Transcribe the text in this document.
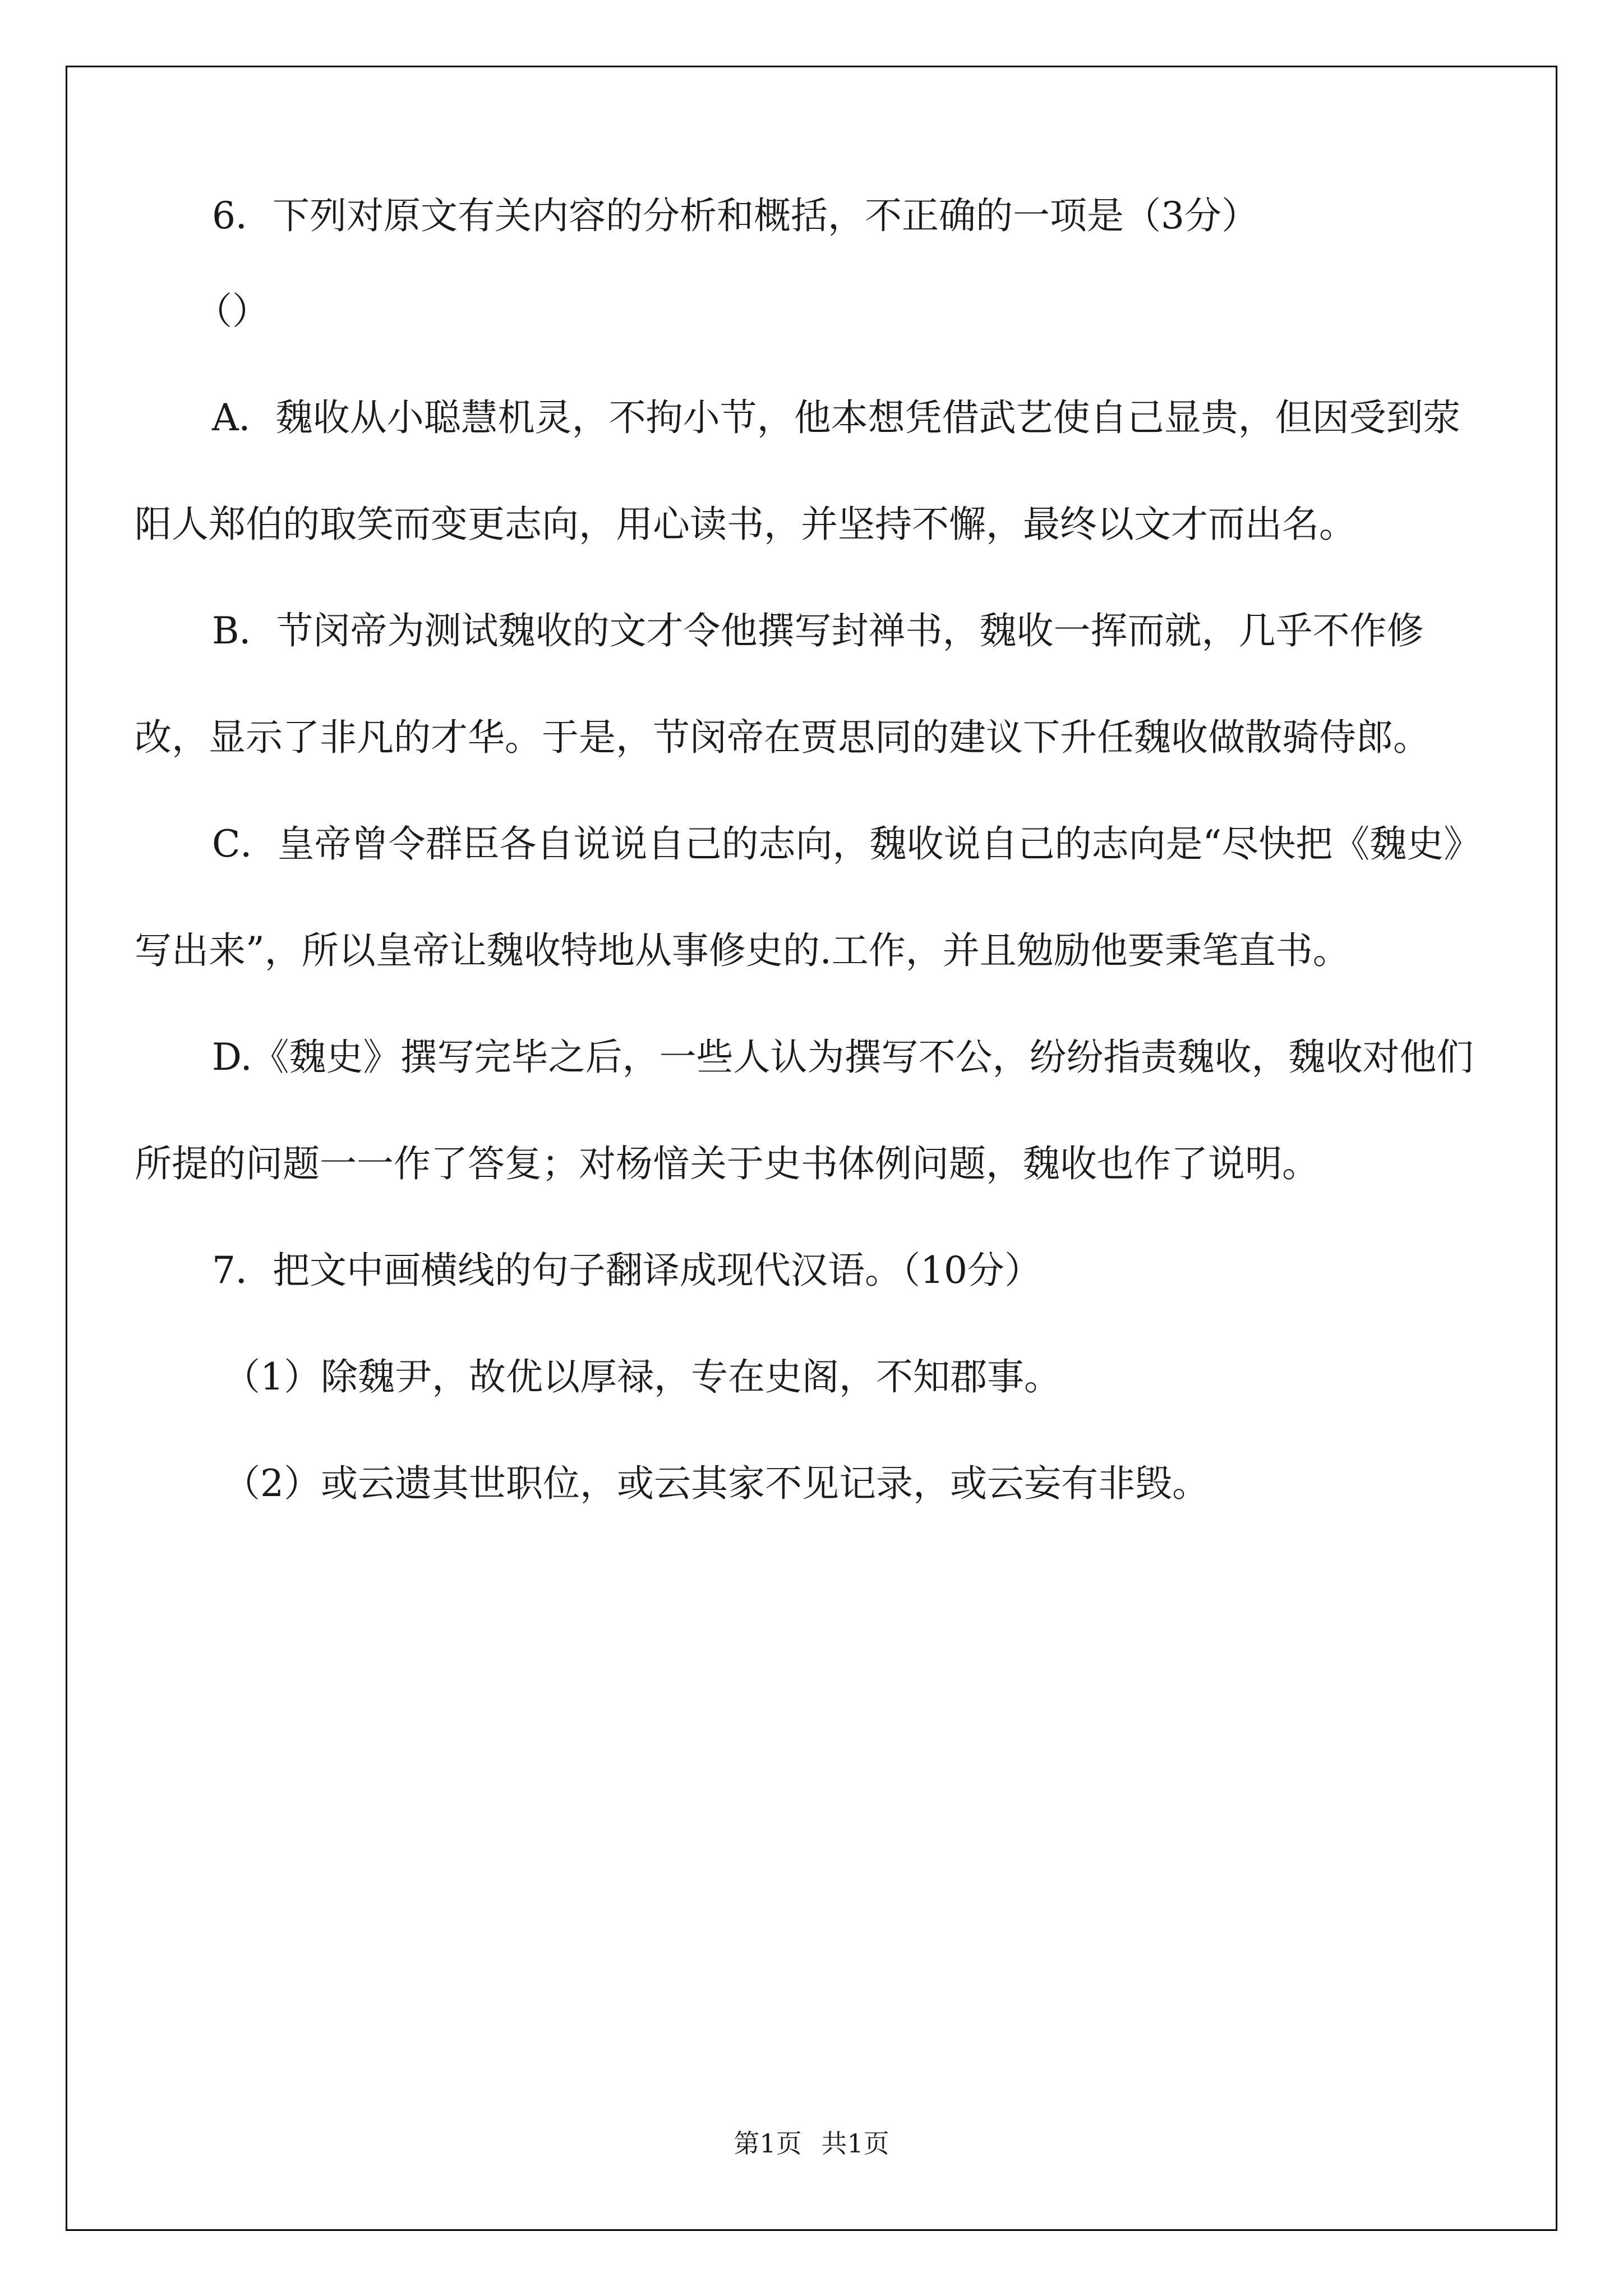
6．下列对原文有关内容的分析和概括，不正确的一项是（3分）

（）

A．魏收从小聪慧机灵，不拘小节，他本想凭借武艺使自己显贵，但因受到荥阳人郑伯的取笑而变更志向，用心读书，并坚持不懈，最终以文才而出名。

B．节闵帝为测试魏收的文才令他撰写封禅书，魏收一挥而就，几乎不作修改，显示了非凡的才华。于是，节闵帝在贾思同的建议下升任魏收做散骑侍郎。

C．皇帝曾令群臣各自说说自己的志向，魏收说自己的志向是“尽快把《魏史》写出来”，所以皇帝让魏收特地从事修史的.工作，并且勉励他要秉笔直书。

D.《魏史》撰写完毕之后，一些人认为撰写不公，纷纷指责魏收，魏收对他们所提的问题一一作了答复；对杨愔关于史书体例问题，魏收也作了说明。

7．把文中画横线的句子翻译成现代汉语。（10分）

（1）除魏尹，故优以厚禄，专在史阁，不知郡事。

（2）或云遗其世职位，或云其家不见记录，或云妄有非毁。

第1页 共1页
